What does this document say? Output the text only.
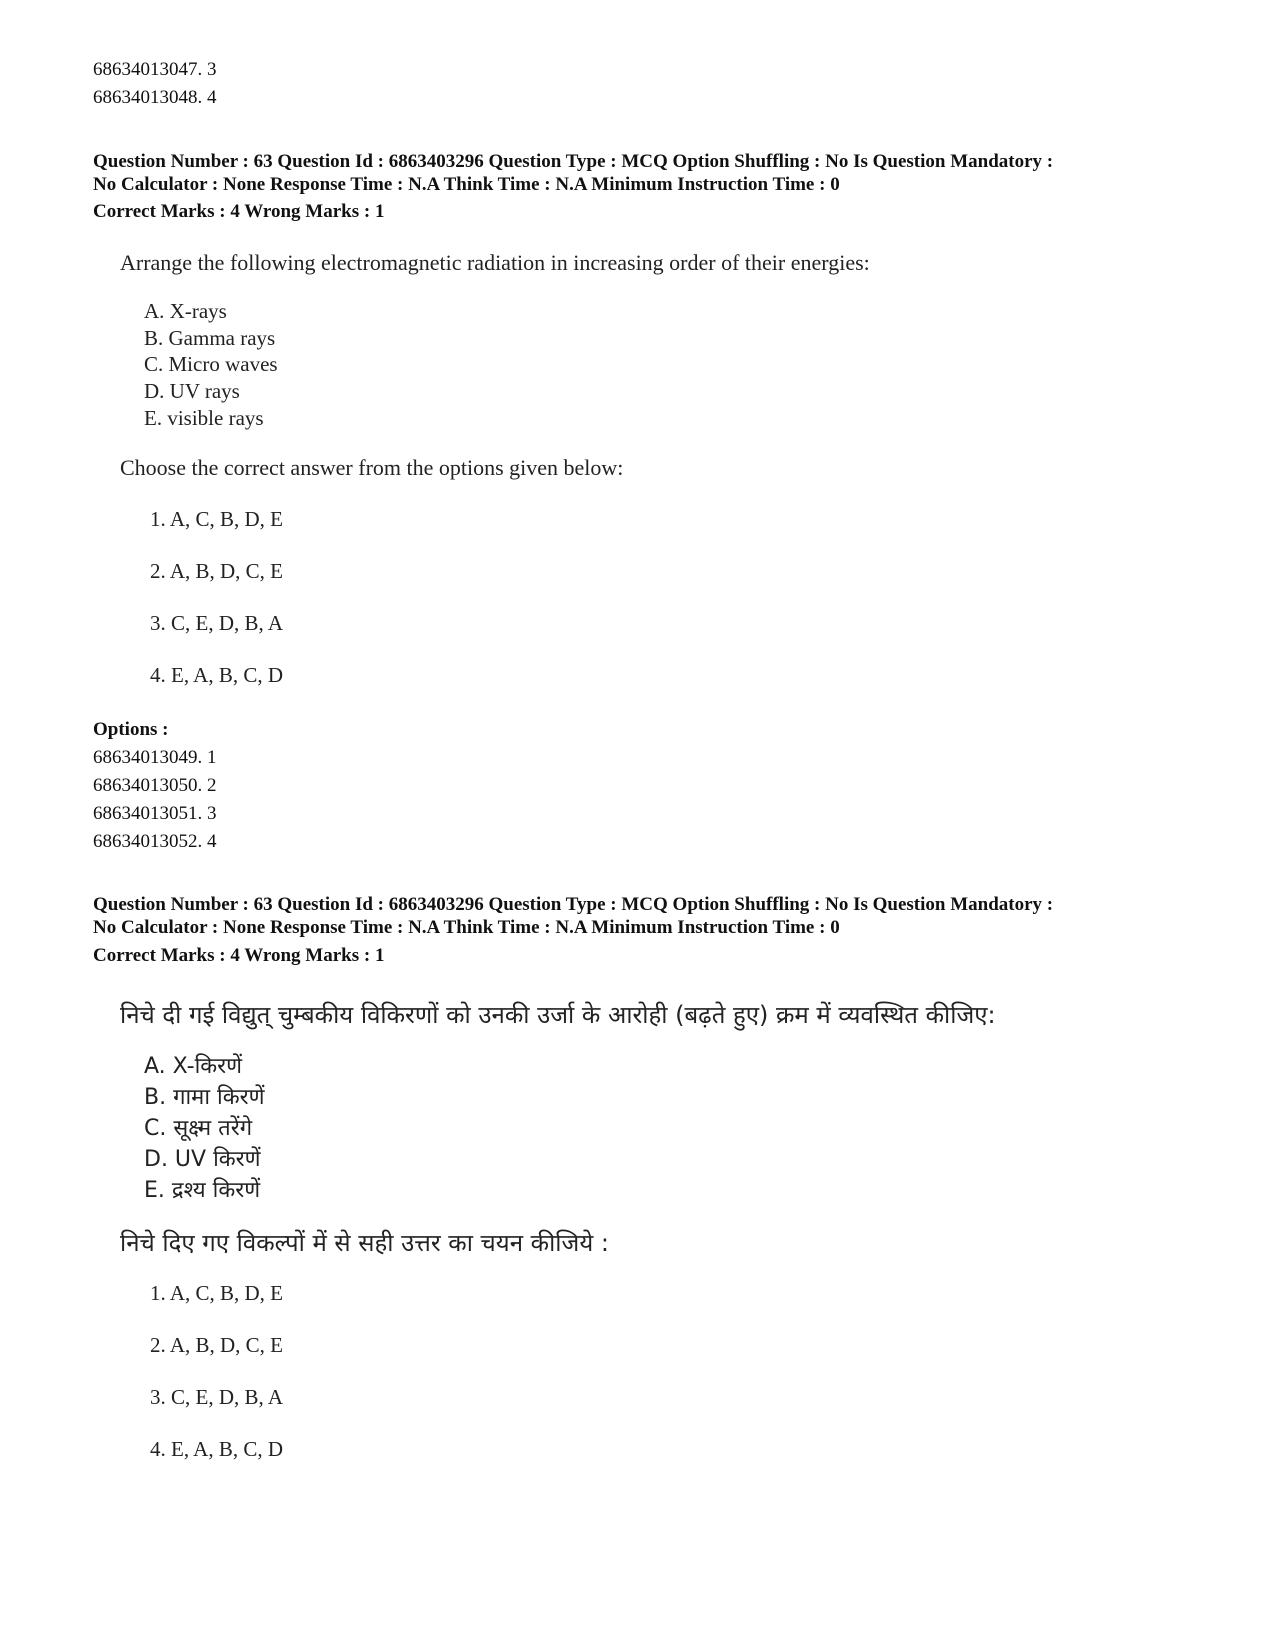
68634013047. 3
68634013048. 4
Question Number : 63 Question Id : 6863403296 Question Type : MCQ Option Shuffling : No Is Question Mandatory :
No Calculator : None Response Time : N.A Think Time : N.A Minimum Instruction Time : 0
Correct Marks : 4 Wrong Marks : 1
Arrange the following electromagnetic radiation in increasing order of their energies:
A. X-rays
B. Gamma rays
C. Micro waves
D. UV rays
E. visible rays
Choose the correct answer from the options given below:
1. A, C, B, D, E
2. A, B, D, C, E
3. C, E, D, B, A
4. E, A, B, C, D
Options :
68634013049. 1
68634013050. 2
68634013051. 3
68634013052. 4
Question Number : 63 Question Id : 6863403296 Question Type : MCQ Option Shuffling : No Is Question Mandatory :
No Calculator : None Response Time : N.A Think Time : N.A Minimum Instruction Time : 0
Correct Marks : 4 Wrong Marks : 1
निचे दी गई विद्युत् चुम्बकीय विकिरणों को उनकी उर्जा के आरोही (बढ़ते हुए) क्रम में व्यवस्थित कीजिए:
A. X-किरणें
B. गामा किरणें
C. सूक्ष्म तरेंगे
D. UV किरणें
E. द्रश्य किरणें
निचे दिए गए विकल्पों में से सही उत्तर का चयन कीजिये :
1. A, C, B, D, E
2. A, B, D, C, E
3. C, E, D, B, A
4. E, A, B, C, D
